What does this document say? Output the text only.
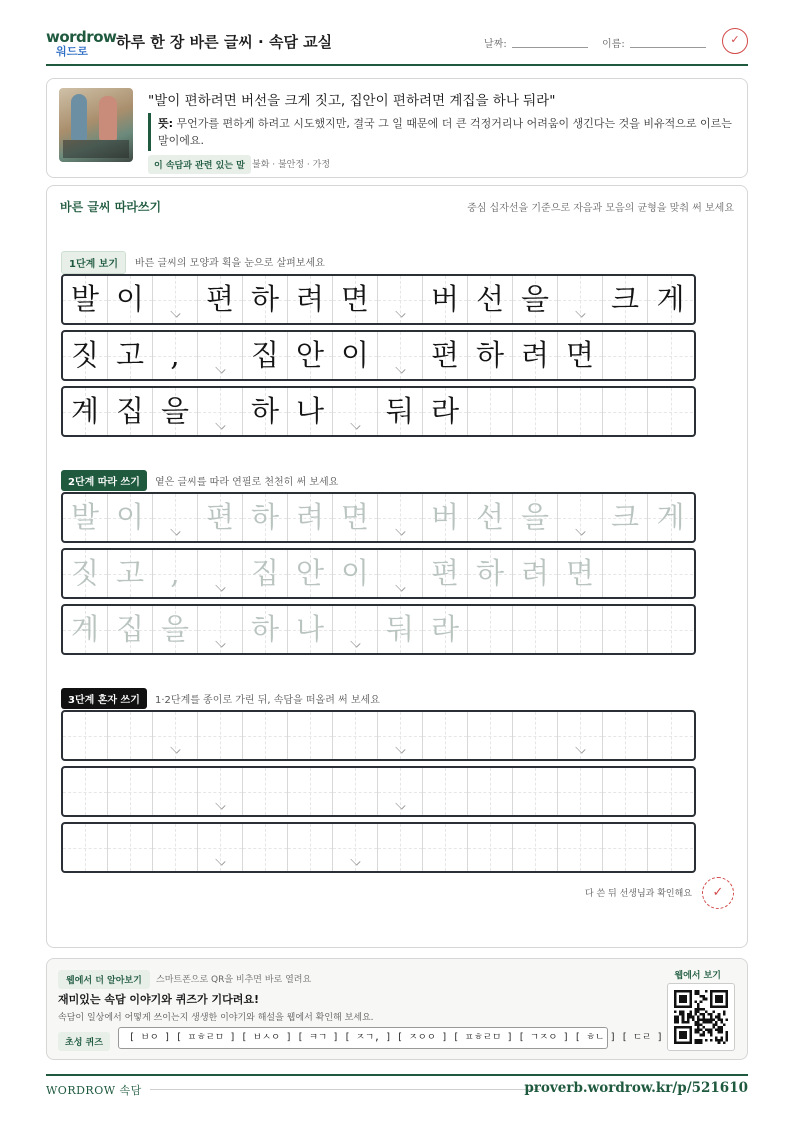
wordrow
워드로
하루 한 장 바른 글씨 · 속담 교실	날짜:	이름:	✓
"발이 편하려면 버선을 크게 짓고, 집안이 편하려면 계집을 하나 둬라"
뜻: 무언가를 편하게 하려고 시도했지만, 결국 그 일 때문에 더 큰 걱정거리나 어려움이 생긴다는 것을 비유적으로 이르는 말이에요.
이 속담과 관련 있는 말 불화 · 불안정 · 가정
바른 글씨 따라쓰기	중심 십자선을 기준으로 자음과 모음의 균형을 맞춰 써 보세요
1단계 보기	바른 글씨의 모양과 획을 눈으로 살펴보세요
발 이 편 하 려 면 버 선 을 크 게
짓 고 ,	집 안 이 편 하 려 면
계 집 을 하 나 둬 라
2단계 따라 쓰기	옅은 글씨를 따라 연필로 천천히 써 보세요
발 이 편 하 려 면 버 선 을 크 게
짓 고 ,	집 안 이 편 하 려 면
계 집 을 하 나 둬 라
3단계 혼자 쓰기	1·2단계를 종이로 가린 뒤, 속담을 떠올려 써 보세요
다 쓴 뒤 선생님과 확인해요	✓
웹에서 더 알아보기	스마트폰으로 QR을 비추면 바로 열려요
재미있는 속담 이야기와 퀴즈가 기다려요!
속담이 일상에서 어떻게 쓰이는지 생생한 이야기와 해설을 웹에서 확인해 보세요.
초성 퀴즈	[ ㅂㅇ ] [ ㅍㅎㄹㅁ ] [ ㅂㅅㅇ ] [ ㅋㄱ ] [ ㅈㄱ, ] [ ㅈㅇㅇ ] [ ㅍㅎㄹㅁ ] [ ㄱㅈㅇ ] [ ㅎㄴ ] [ ㄷㄹ ]
웹에서 보기
WORDROW 속담	proverb.wordrow.kr/p/521610
